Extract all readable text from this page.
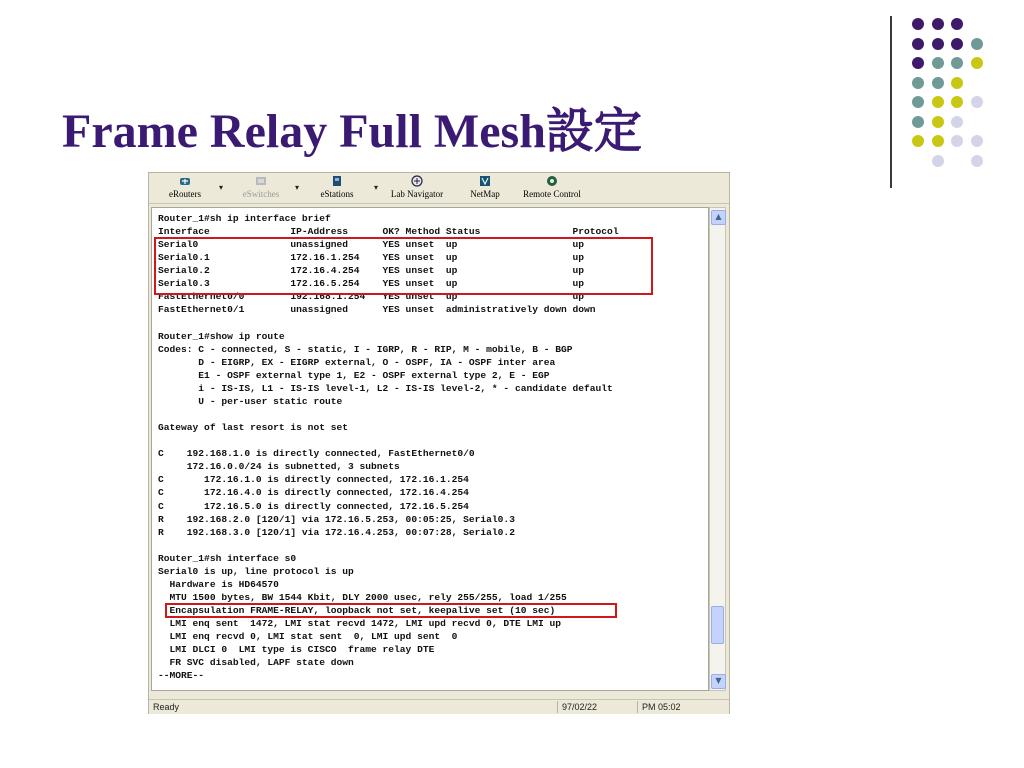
Frame Relay Full Mesh設定
eRouters
▾
eSwitches
▾
eStations
▾
Lab Navigator	NetMap	Remote Control
Router_1#sh ip interface brief
Interface              IP-Address      OK? Method Status                Protocol
Serial0                unassigned      YES unset  up                    up
Serial0.1              172.16.1.254    YES unset  up                    up
Serial0.2              172.16.4.254    YES unset  up                    up
Serial0.3              172.16.5.254    YES unset  up                    up
FastEthernet0/0        192.168.1.254   YES unset  up                    up
FastEthernet0/1        unassigned      YES unset  administratively down down
Router_1#show ip route
Codes: C - connected, S - static, I - IGRP, R - RIP, M - mobile, B - BGP
D - EIGRP, EX - EIGRP external, O - OSPF, IA - OSPF inter area
E1 - OSPF external type 1, E2 - OSPF external type 2, E - EGP
i - IS-IS, L1 - IS-IS level-1, L2 - IS-IS level-2, * - candidate default
U - per-user static route
Gateway of last resort is not set
C    192.168.1.0 is directly connected, FastEthernet0/0
172.16.0.0/24 is subnetted, 3 subnets
C       172.16.1.0 is directly connected, 172.16.1.254
C       172.16.4.0 is directly connected, 172.16.4.254
C       172.16.5.0 is directly connected, 172.16.5.254
R    192.168.2.0 [120/1] via 172.16.5.253, 00:05:25, Serial0.3
R    192.168.3.0 [120/1] via 172.16.4.253, 00:07:28, Serial0.2
Router_1#sh interface s0
Serial0 is up, line protocol is up
Hardware is HD64570
MTU 1500 bytes, BW 1544 Kbit, DLY 2000 usec, rely 255/255, load 1/255
Encapsulation FRAME-RELAY, loopback not set, keepalive set (10 sec)
LMI enq sent  1472, LMI stat recvd 1472, LMI upd recvd 0, DTE LMI up
LMI enq recvd 0, LMI stat sent  0, LMI upd sent  0
LMI DLCI 0  LMI type is CISCO  frame relay DTE
FR SVC disabled, LAPF state down
--MORE--
▲
▼
Ready	97/02/22	PM 05:02
